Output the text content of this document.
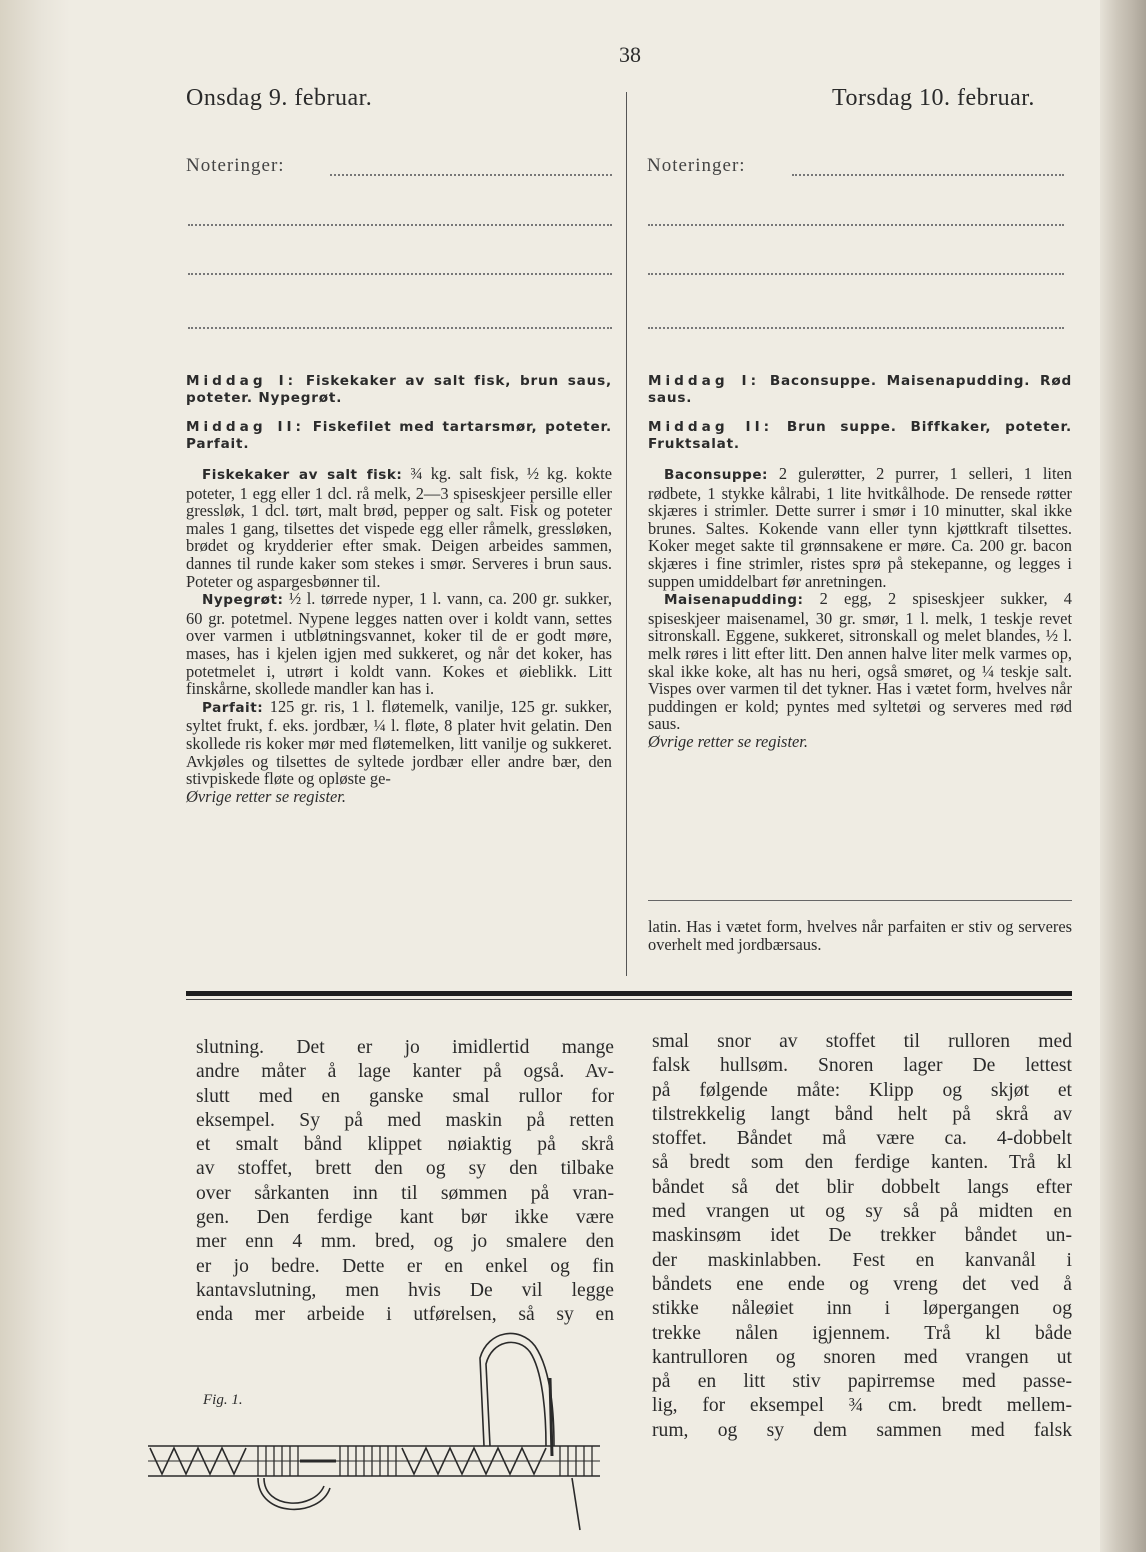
38
Onsdag 9. februar.	Torsdag 10. februar.
Noteringer:	Noteringer:

Middag I: Fiskekaker av salt fisk, brun saus, poteter. Nypegrøt.

Middag II: Fiskefilet med tartarsmør, poteter. Parfait.

Fiskekaker av salt fisk: ¾ kg. salt fisk, ½ kg. kokte poteter, 1 egg eller 1 dcl. rå melk, 2—3 spiseskjeer persille eller gressløk, 1 dcl. tørt, malt brød, pepper og salt. Fisk og poteter males 1 gang, tilsettes det vispede egg eller råmelk, gressløken, brødet og krydderier efter smak. Deigen arbeides sammen, dannes til runde kaker som stekes i smør. Serveres i brun saus. Poteter og aspargesbønner til.

Nypegrøt: ½ l. tørrede nyper, 1 l. vann, ca. 200 gr. sukker, 60 gr. potetmel. Nypene legges natten over i koldt vann, settes over varmen i utbløtningsvannet, koker til de er godt møre, mases, has i kjelen igjen med sukkeret, og når det koker, has potetmelet i, utrørt i koldt vann. Kokes et øieblikk. Litt finskårne, skollede mandler kan has i.

Parfait: 125 gr. ris, 1 l. fløtemelk, vanilje, 125 gr. sukker, syltet frukt, f. eks. jordbær, ¼ l. fløte, 8 plater hvit gelatin. Den skollede ris koker mør med fløtemelken, litt vanilje og sukkeret. Avkjøles og tilsettes de syltede jordbær eller andre bær, den stivpiskede fløte og opløste ge-

Øvrige retter se register.

Middag I: Baconsuppe. Maisenapudding. Rød saus.

Middag II: Brun suppe. Biffkaker, poteter. Fruktsalat.

Baconsuppe: 2 gulerøtter, 2 purrer, 1 selleri, 1 liten rødbete, 1 stykke kålrabi, 1 lite hvitkålhode. De rensede røtter skjæres i strimler. Dette surrer i smør i 10 minutter, skal ikke brunes. Saltes. Kokende vann eller tynn kjøttkraft tilsettes. Koker meget sakte til grønnsakene er møre. Ca. 200 gr. bacon skjæres i fine strimler, ristes sprø på stekepanne, og legges i suppen umiddelbart før anretningen.

Maisenapudding: 2 egg, 2 spiseskjeer sukker, 4 spiseskjeer maisenamel, 30 gr. smør, 1 l. melk, 1 teskje revet sitronskall. Eggene, sukkeret, sitronskall og melet blandes, ½ l. melk røres i litt efter litt. Den annen halve liter melk varmes op, skal ikke koke, alt has nu heri, også smøret, og ¼ teskje salt. Vispes over varmen til det tykner. Has i vætet form, hvelves når puddingen er kold; pyntes med syltetøi og serveres med rød saus.

Øvrige retter se register.

latin. Has i vætet form, hvelves når parfaiten er stiv og serveres overhelt med jordbærsaus.
slutning. Det er jo imidlertid mange
andre måter å lage kanter på også. Av-
slutt med en ganske smal rullor for
eksempel. Sy på med maskin på retten
et smalt bånd klippet nøiaktig på skrå
av stoffet, brett den og sy den tilbake
over sårkanten inn til sømmen på vran-
gen. Den ferdige kant bør ikke være
mer enn 4 mm. bred, og jo smalere den
er jo bedre. Dette er en enkel og fin
kantavslutning, men hvis De vil legge
enda mer arbeide i utførelsen, så sy en
smal snor av stoffet til rulloren med
falsk hullsøm. Snoren lager De lettest
på følgende måte: Klipp og skjøt et
tilstrekkelig langt bånd helt på skrå av
stoffet. Båndet må være ca. 4-dobbelt
så bredt som den ferdige kanten. Trå kl
båndet så det blir dobbelt langs efter
med vrangen ut og sy så på midten en
maskinsøm idet De trekker båndet un-
der maskinlabben. Fest en kanvanål i
båndets ene ende og vreng det ved å
stikke nåleøiet inn i løpergangen og
trekke nålen igjennem. Trå kl både
kantrulloren og snoren med vrangen ut
på en litt stiv papirremse med passe-
lig, for eksempel ¾ cm. bredt mellem-
rum, og sy dem sammen med falsk
Fig. 1.
